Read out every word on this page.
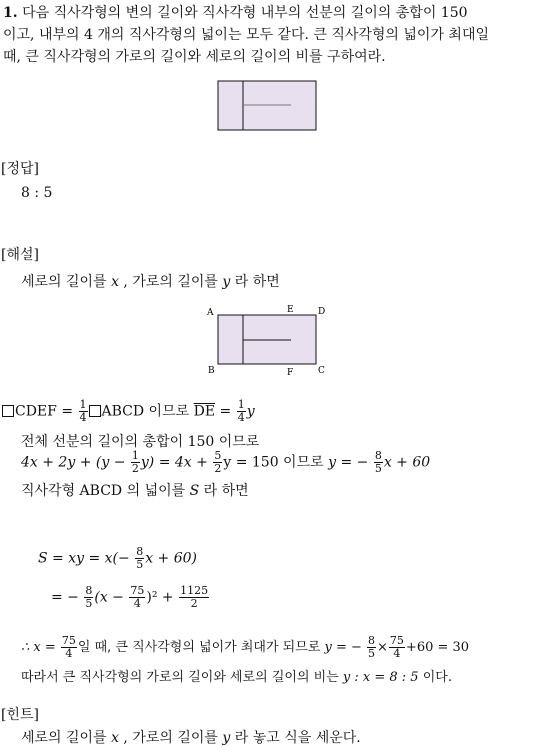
1. 다음 직사각형의 변의 길이와 직사각형 내부의 선분의 길이의 총합이 150
이고, 내부의 4 개의 직사각형의 넓이는 모두 같다. 큰 직사각형의 넓이가 최대일
때, 큰 직사각형의 가로의 길이와 세로의 길이의 비를 구하여라.
[정답]
8 : 5
[해설]
세로의 길이를 x , 가로의 길이를 y 라 하면
A	E	D
B	F	C
CDEF = $\frac{1}{4}$ ABCD 이므로 $\overline{DE} = \frac{1}{4}$ y
전체 선분의 길이의 총합이 150 이므로
$4x + 2y + (y - \frac{1}{2} y) = 4x + \frac{5}{2}$ y = 150 이므로 y = − $\frac{8}{5}$ x + 60
직사각형 ABCD 의 넓이를 S 라 하면
S = xy = $x(- \frac{8}{5}$ x + 60)
= − $\frac{8}{5} (x - \frac{75}{4} )^2 + \frac{1125}{2}$
∴ $x = \frac{75}{4}$ 일 때, 큰 직사각형의 넓이가 최대가 되므로 y = − $\frac{8}{5} \times \frac{75}{4} +60 = 30$
따라서 큰 직사각형의 가로의 길이와 세로의 길이의 비는 y : x = 8 : 5 이다.
[힌트]
세로의 길이를 x , 가로의 길이를 y 라 놓고 식을 세운다.
